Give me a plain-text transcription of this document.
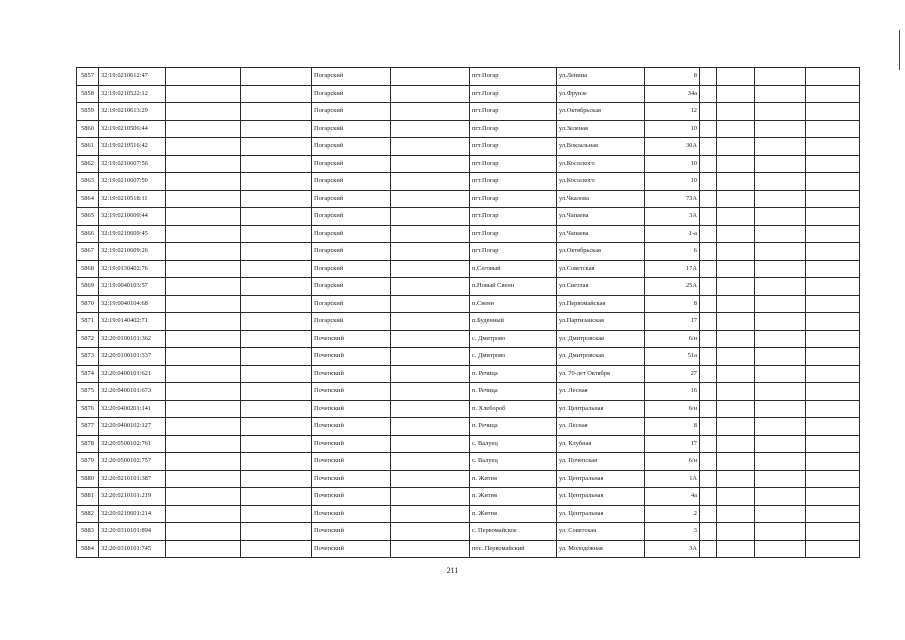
5857	32:19:0210612:47			Погарский		пгт.Погар	ул.Ленина	8				
5858	32:19:0210522:12			Погарский		пгт.Погар	ул.Фрунзе	34а				
5859	32:19:0210613:29			Погарский		пгт.Погар	ул.Октябрьская	12				
5860	32:19:0210506:44			Погарский		пгт.Погар	ул.Зеленая	10				
5861	32:19:0210516:42			Погарский		пгт.Погар	ул.Вокзальная	30А				
5862	32:19:0210607:56			Погарский		пгт.Погар	ул.Косоского	10				
5863	32:19:0210607:59			Погарский		пгт.Погар	ул.Косоского	10				
5864	32:19:0210518:11			Погарский		пгт.Погар	ул.Чкалова	73А				
5865	32:19:0210609:44			Погарский		пгт.Погар	ул.Чапаева	3А				
5866	32:19:0210609:45			Погарский		пгт.Погар	ул.Чапаева	1-а				
5867	32:19:0210609:26			Погарский		пгт.Погар	ул.Октябрьская	6				
5868	32:19:0130402:76			Погарский		п.Сеговый	ул.Советская	17А				
5869	32:19:0040103:57			Погарский		п.Новый Свенн	ул.Светлая	25А				
5870	32:19:0040104:68			Погарский		п.Свенн	ул.Первомайская	8				
5871	32:19:0140402:71			Погарский		п.Буденный	ул.Партизанская	17				
5872	32:20:0100101:362			Почепский		с. Дмитрово	ул. Дмитровская	6/н				
5873	32:20:0100101:337			Почепский		с. Дмитрово	ул. Дмитровская	51а				
5874	32:20:0400101:621			Почепский		п. Речица	ул. 70-лет Октября	27				
5875	32:20:0400101:673			Почепский		п. Речица	ул. Лесная	16				
5876	32:20:0400201:141			Почепский		п. Хлеборοб	ул. Центральная	6/н				
5877	32:20:0400102:127			Почепский		п. Речица	ул. Лесная	8				
5878	32:20:0500102:761			Почепский		с. Валуец	ул. Клубная	17				
5879	32:20:0500102:757			Почепский		с. Валуец	ул. Почепская	6/н				
5880	32:20:0210101:387			Почепский		п. Житня	ул. Центральная	1А				
5881	32:20:0210101:219			Почепский		п. Житня	ул. Центральная	4а				
5882	32:20:0210601:214			Почепский		п. Житня	ул. Центральная	2				
5883	32:20:0310101:894			Почепский		с. Первомайское	ул. Советская	3				
5884	32:20:0310101:745			Почепский		пос. Первомайский	ул. Молодежная	3А				
211
